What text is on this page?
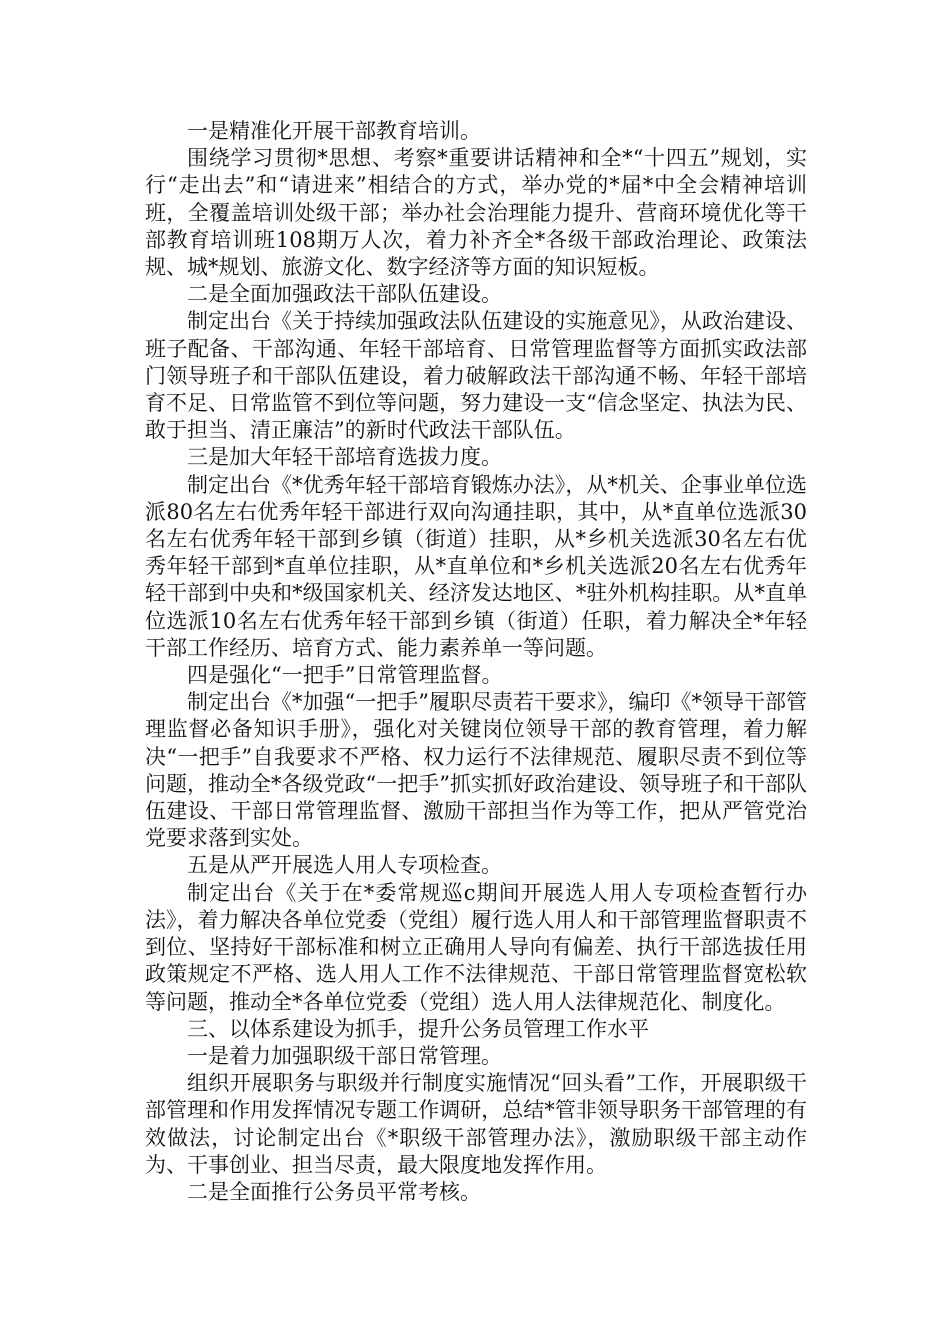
一是精准化开展干部教育培训。

围绕学习贯彻*思想、考察*重要讲话精神和全*“十四五”规划，实行“走出去”和“请进来”相结合的方式，举办党的*届*中全会精神培训班，全覆盖培训处级干部；举办社会治理能力提升、营商环境优化等干部教育培训班108期万人次，着力补齐全*各级干部政治理论、政策法规、城*规划、旅游文化、数字经济等方面的知识短板。

二是全面加强政法干部队伍建设。

制定出台《关于持续加强政法队伍建设的实施意见》，从政治建设、班子配备、干部沟通、年轻干部培育、日常管理监督等方面抓实政法部门领导班子和干部队伍建设，着力破解政法干部沟通不畅、年轻干部培育不足、日常监管不到位等问题，努力建设一支“信念坚定、执法为民、敢于担当、清正廉洁”的新时代政法干部队伍。

三是加大年轻干部培育选拔力度。

制定出台《*优秀年轻干部培育锻炼办法》，从*机关、企事业单位选派80名左右优秀年轻干部进行双向沟通挂职，其中，从*直单位选派30名左右优秀年轻干部到乡镇（街道）挂职，从*乡机关选派30名左右优秀年轻干部到*直单位挂职，从*直单位和*乡机关选派20名左右优秀年轻干部到中央和*级国家机关、经济发达地区、*驻外机构挂职。从*直单位选派10名左右优秀年轻干部到乡镇（街道）任职，着力解决全*年轻干部工作经历、培育方式、能力素养单一等问题。

四是强化“一把手”日常管理监督。

制定出台《*加强“一把手”履职尽责若干要求》，编印《*领导干部管理监督必备知识手册》，强化对关键岗位领导干部的教育管理，着力解决“一把手”自我要求不严格、权力运行不法律规范、履职尽责不到位等问题，推动全*各级党政“一把手”抓实抓好政治建设、领导班子和干部队伍建设、干部日常管理监督、激励干部担当作为等工作，把从严管党治党要求落到实处。

五是从严开展选人用人专项检查。

制定出台《关于在*委常规巡c期间开展选人用人专项检查暂行办法》，着力解决各单位党委（党组）履行选人用人和干部管理监督职责不到位、坚持好干部标准和树立正确用人导向有偏差、执行干部选拔任用政策规定不严格、选人用人工作不法律规范、干部日常管理监督宽松软等问题，推动全*各单位党委（党组）选人用人法律规范化、制度化。

三、以体系建设为抓手，提升公务员管理工作水平

一是着力加强职级干部日常管理。

组织开展职务与职级并行制度实施情况“回头看”工作，开展职级干部管理和作用发挥情况专题工作调研，总结*管非领导职务干部管理的有效做法，讨论制定出台《*职级干部管理办法》，激励职级干部主动作为、干事创业、担当尽责，最大限度地发挥作用。

二是全面推行公务员平常考核。
